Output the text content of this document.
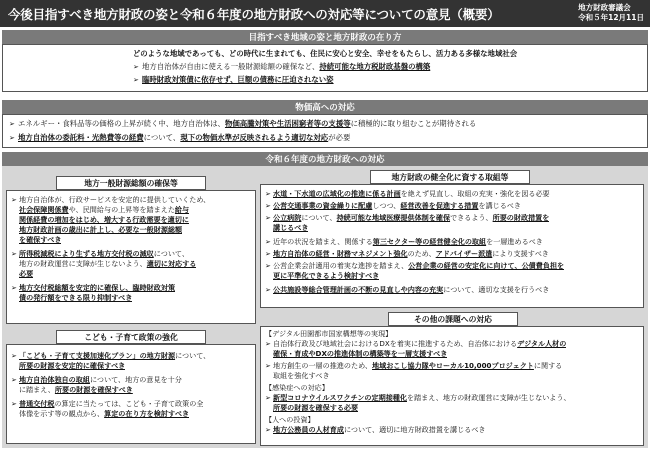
今後目指すべき地方財政の姿と令和６年度の地方財政への対応等についての意見（概要）	地方財政審議会
令和５年12月11日
目指すべき地域の姿と地方財政の在り方
どのような地域であっても、どの時代に生まれても、住民に安心と安全、幸せをもたらし、活力ある多様な地域社会
➢ 地方自治体が自由に使える一般財源総額の確保など、持続可能な地方税財政基盤の構築
➢ 臨時財政対策債に依存せず、巨額の債務に圧迫されない姿
物価高への対応
➢ エネルギー・食料品等の価格の上昇が続く中、地方自治体は、物価高騰対策や生活困窮者等の支援等に積極的に取り組むことが期待される
➢ 地方自治体の委託料・光熱費等の経費について、現下の物価水準が反映されるよう適切な対応が必要
令和６年度の地方財政への対応
地方一般財源総額の確保等
➢ 地方自治体が、行政サービスを安定的に提供していくため、
社会保障関係費や、民間給与の上昇等を踏まえた給与
関係経費の増加をはじめ、増大する行政需要を適切に
地方財政計画の歳出に計上し、必要な一般財源総額
を確保すべき
➢ 所得税減税により生ずる地方交付税の減収について、
地方の財政運営に支障が生じないよう、適切に対応する
必要
➢ 地方交付税総額を安定的に確保し、臨時財政対策
債の発行額をできる限り抑制すべき
こども・子育て政策の強化
➢ 「こども・子育て支援加速化プラン」の地方財源について、
所要の財源を安定的に確保すべき
➢ 地方自治体独自の取組について、地方の意見を十分
に踏まえ、所要の財源を確保すべき
➢ 普通交付税の算定に当たっては、こども・子育て政策の全
体像を示す等の観点から、算定の在り方を検討すべき
地方財政の健全化に資する取組等
➢ 水道・下水道の広域化の推進に係る計画を絶えず見直し、取組の充実・強化を図る必要
➢ 公営交通事業の資金繰りに配慮しつつ、経営改善を促進する措置を講じるべき
➢ 公立病院について、持続可能な地域医療提供体制を確保できるよう、所要の財政措置を
講じるべき
➢ 近年の状況を踏まえ、関係する第三セクター等の経営健全化の取組を一層進めるべき
➢ 地方自治体の経営・財務マネジメント強化のため、アドバイザー派遣により支援すべき
➢ 公営企業会計適用の着実な進捗を踏まえ、公営企業の経営の安定化に向けて、公債費負担を
更に平準化できるよう検討すべき
➢ 公共施設等総合管理計画の不断の見直しや内容の充実について、適切な支援を行うべき
その他の課題への対応
【デジタル田園都市国家構想等の実現】
➢ 自治体行政及び地域社会におけるDXを着実に推進するため、自治体におけるデジタル人材の
確保・育成やDXの推進体制の構築等を一層支援すべき
➢ 地方創生の一層の推進のため、地域おこし協力隊やローカル10,000プロジェクトに関する
取組を強化すべき
【感染症への対応】
➢ 新型コロナウイルスワクチンの定期接種化を踏まえ、地方の財政運営に支障が生じないよう、
所要の財源を確保する必要
【人への投資】
➢ 地方公務員の人材育成について、適切に地方財政措置を講じるべき
